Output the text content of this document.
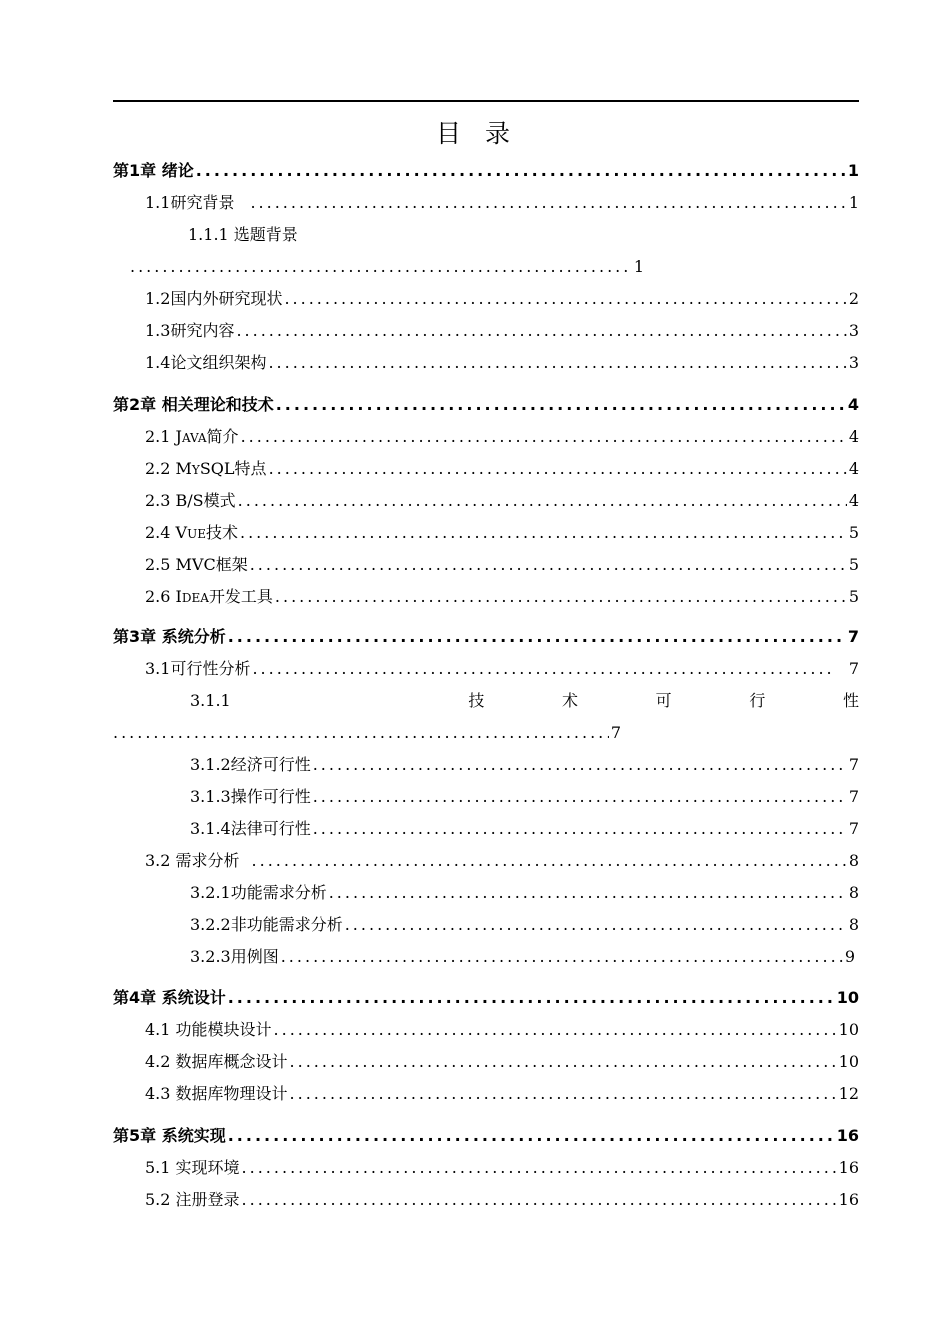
目 录
第1章 绪论 .....	1
1.1研究背景 .....	1
1.1.1 选题背景
.....
1
1.2国内外研究现状 .....	2
1.3研究内容 .....	3
1.4论文组织架构 .....	3
第2章 相关理论和技术 .....	4
2.1 JAVA简介 .....	4
2.2 MYSQL特点 .....	4
2.3 B/S模式 .....	4
2.4 VUE技术 .....	5
2.5 MVC框架 .....	5
2.6 IDEA开发工具 .....	5
第3章 系统分析 .....	7
3.1可行性分析 .....	7
3.1.1	技	术	可	行	性
.....
7
3.1.2经济可行性 .....	7
3.1.3操作可行性 .....	7
3.1.4法律可行性 .....	7
3.2 需求分析 .....	8
3.2.1功能需求分析 .....	8
3.2.2非功能需求分析 .....	8
3.2.3用例图 .....	9
第4章 系统设计 .....	10
4.1 功能模块设计 .....	10
4.2 数据库概念设计 .....	10
4.3 数据库物理设计 .....	12
第5章 系统实现 .....	16
5.1 实现环境 .....	16
5.2 注册登录 .....	16
